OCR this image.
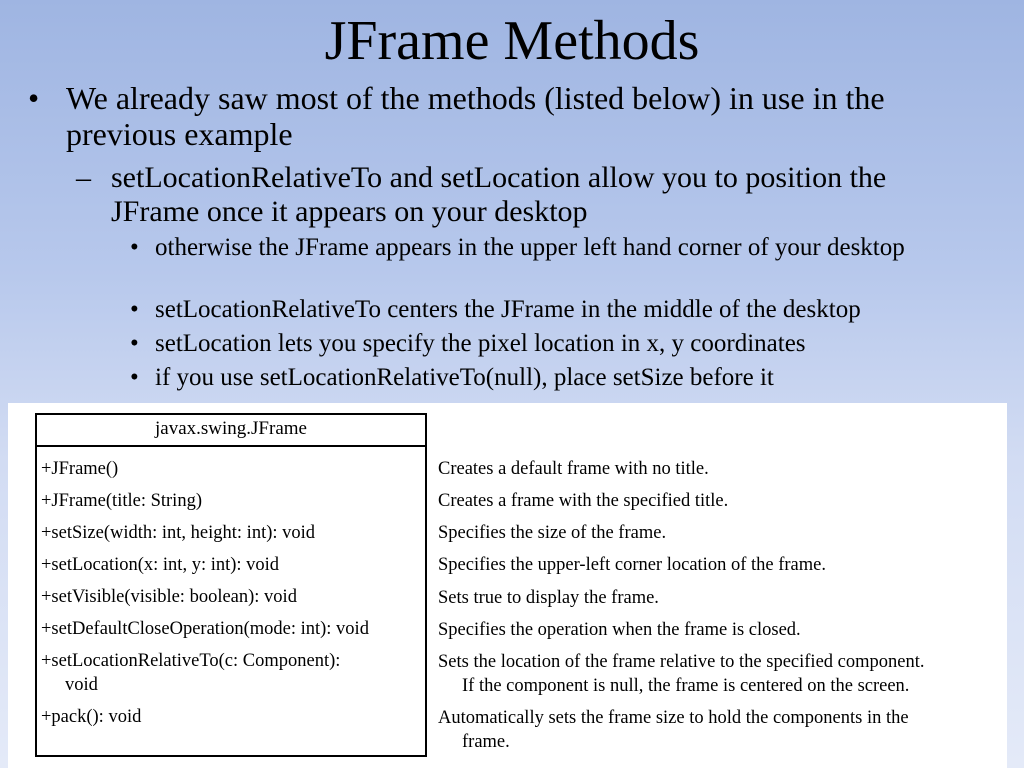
JFrame Methods
• We already saw most of the methods (listed below) in use in the previous example
– setLocationRelativeTo and setLocation allow you to position the JFrame once it appears on your desktop
• otherwise the JFrame appears in the upper left hand corner of your desktop
• setLocationRelativeTo centers the JFrame in the middle of the desktop
• setLocation lets you specify the pixel location in x, y coordinates
• if you use setLocationRelativeTo(null), place setSize before it
javax.swing.JFrame
+JFrame()
+JFrame(title: String)
+setSize(width: int, height: int): void
+setLocation(x: int, y: int): void
+setVisible(visible: boolean): void
+setDefaultCloseOperation(mode: int): void
+setLocationRelativeTo(c: Component):
void
+pack(): void
Creates a default frame with no title.
Creates a frame with the specified title.
Specifies the size of the frame.
Specifies the upper-left corner location of the frame.
Sets true to display the frame.
Specifies the operation when the frame is closed.
Sets the location of the frame relative to the specified component.
If the component is null, the frame is centered on the screen.
Automatically sets the frame size to hold the components in the
frame.
